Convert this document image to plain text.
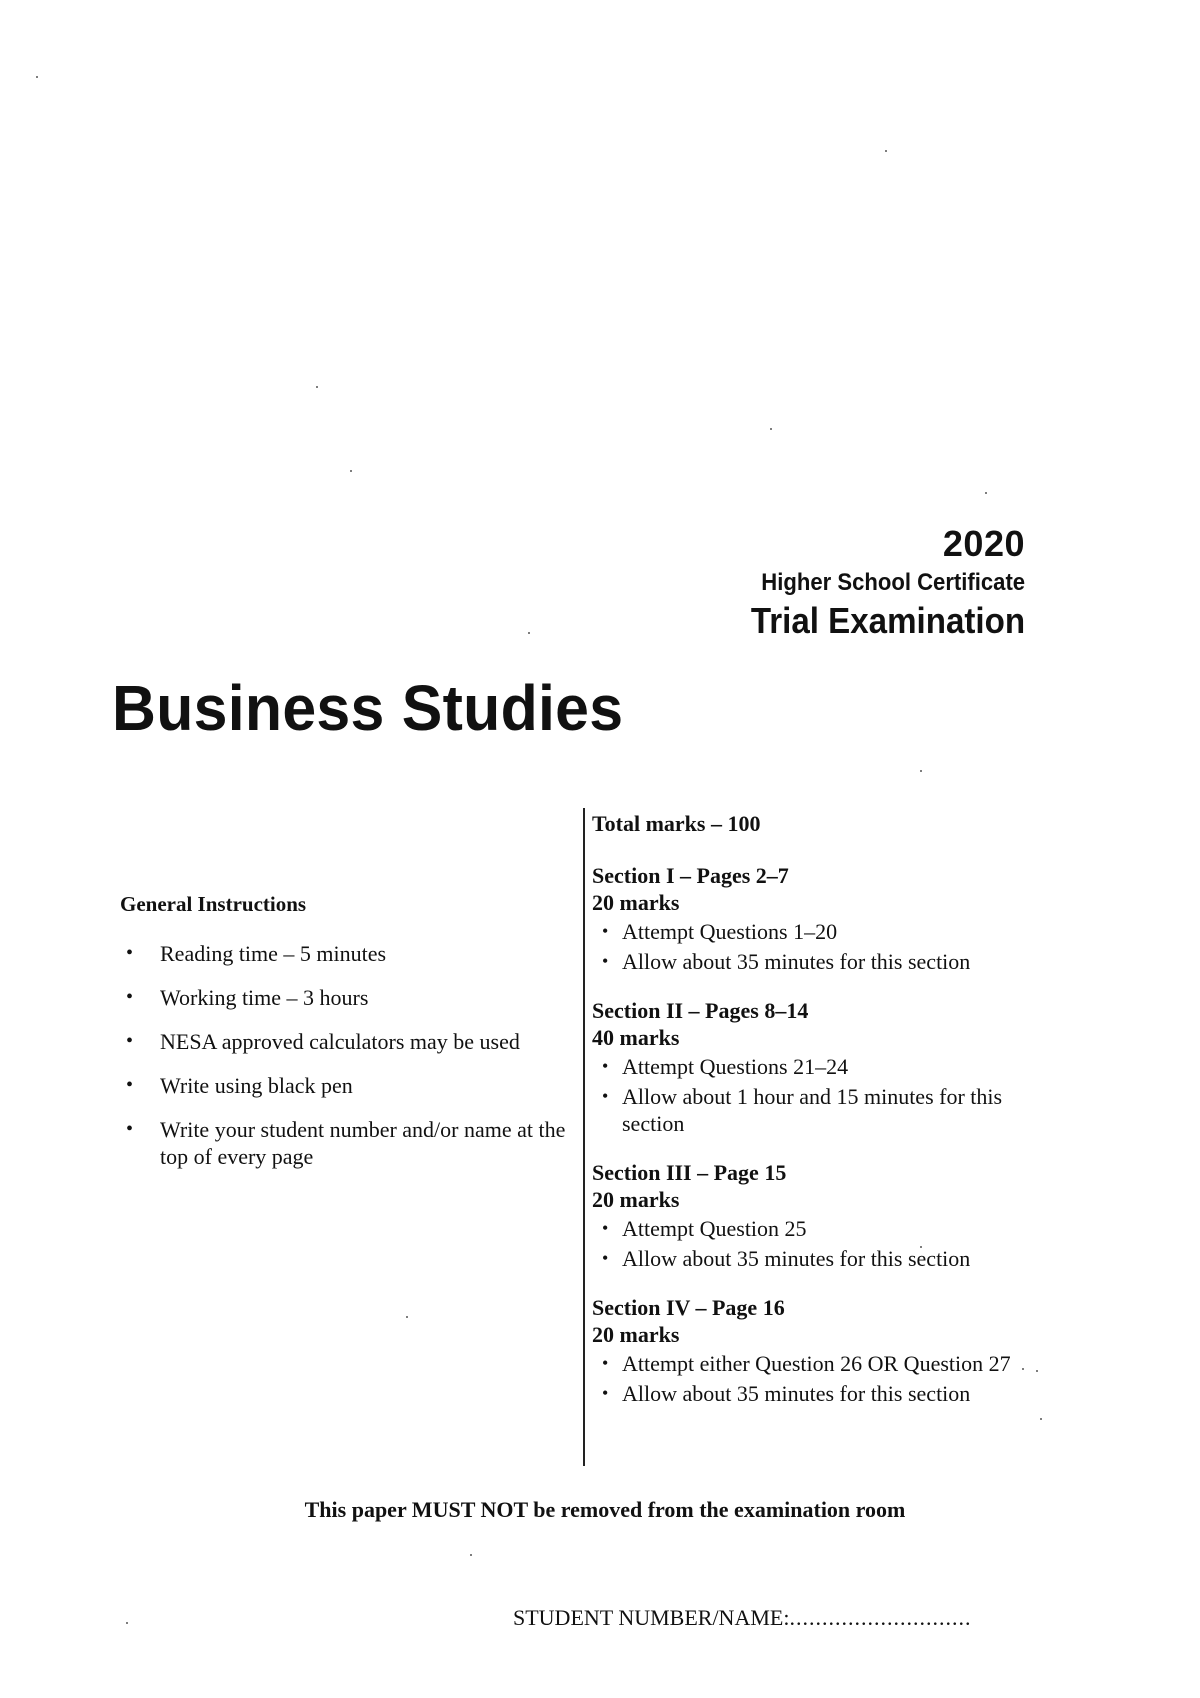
2020
Higher School Certificate
Trial Examination
Business Studies
General Instructions
• Reading time – 5 minutes
• Working time – 3 hours
• NESA approved calculators may be used
• Write using black pen
• Write your student number and/or name at the top of every page
Total marks – 100
Section I – Pages 2–7
20 marks
• Attempt Questions 1–20
• Allow about 35 minutes for this section
Section II – Pages 8–14
40 marks
• Attempt Questions 21–24
• Allow about 1 hour and 15 minutes for this section
Section III – Page 15
20 marks
• Attempt Question 25
• Allow about 35 minutes for this section
Section IV – Page 16
20 marks
• Attempt either Question 26 OR Question 27
• Allow about 35 minutes for this section
This paper MUST NOT be removed from the examination room
STUDENT NUMBER/NAME:............................
